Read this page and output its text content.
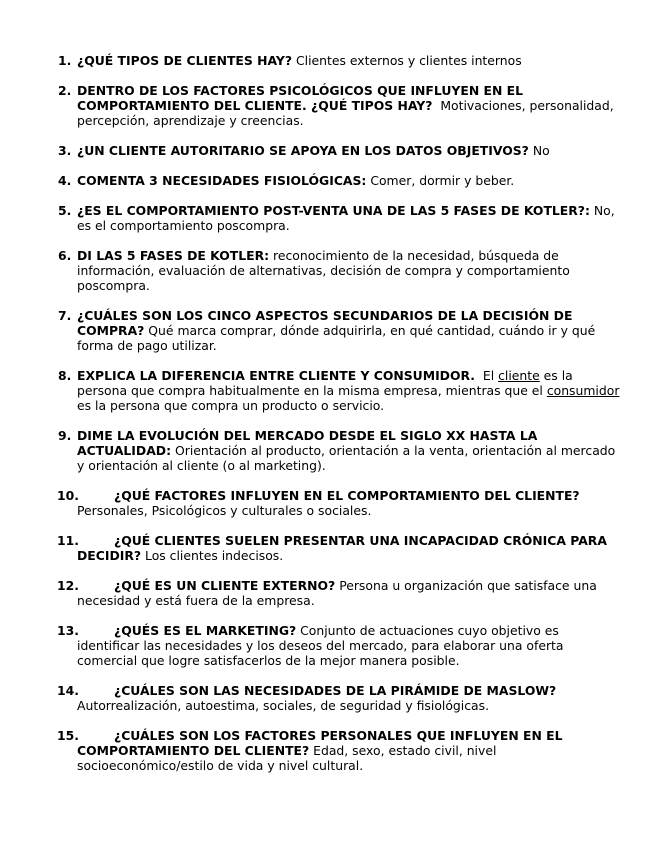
1. ¿QUÉ TIPOS DE CLIENTES HAY? Clientes externos y clientes internos
2. DENTRO DE LOS FACTORES PSICOLÓGICOS QUE INFLUYEN EN EL COMPORTAMIENTO DEL CLIENTE. ¿QUÉ TIPOS HAY?  Motivaciones, personalidad, percepción, aprendizaje y creencias.
3. ¿UN CLIENTE AUTORITARIO SE APOYA EN LOS DATOS OBJETIVOS? No
4. COMENTA 3 NECESIDADES FISIOLÓGICAS: Comer, dormir y beber.
5. ¿ES EL COMPORTAMIENTO POST-VENTA UNA DE LAS 5 FASES DE KOTLER?: No, es el comportamiento poscompra.
6. DI LAS 5 FASES DE KOTLER: reconocimiento de la necesidad, búsqueda de información, evaluación de alternativas, decisión de compra y comportamiento poscompra.
7. ¿CUÁLES SON LOS CINCO ASPECTOS SECUNDARIOS DE LA DECISIÓN DE COMPRA? Qué marca comprar, dónde adquirirla, en qué cantidad, cuándo ir y qué forma de pago utilizar.
8. EXPLICA LA DIFERENCIA ENTRE CLIENTE Y CONSUMIDOR.  El cliente es la persona que compra habitualmente en la misma empresa, mientras que el consumidor es la persona que compra un producto o servicio.
9. DIME LA EVOLUCIÓN DEL MERCADO DESDE EL SIGLO XX HASTA LA ACTUALIDAD: Orientación al producto, orientación a la venta, orientación al mercado y orientación al cliente (o al marketing).
10.	¿QUÉ FACTORES INFLUYEN EN EL COMPORTAMIENTO DEL CLIENTE? Personales, Psicológicos y culturales o sociales.
11.	¿QUÉ CLIENTES SUELEN PRESENTAR UNA INCAPACIDAD CRÓNICA PARA DECIDIR? Los clientes indecisos.
12.	¿QUÉ ES UN CLIENTE EXTERNO? Persona u organización que satisface una necesidad y está fuera de la empresa.
13.	¿QUÉS ES EL MARKETING? Conjunto de actuaciones cuyo objetivo es identificar las necesidades y los deseos del mercado, para elaborar una oferta comercial que logre satisfacerlos de la mejor manera posible.
14.	¿CUÁLES SON LAS NECESIDADES DE LA PIRÁMIDE DE MASLOW? Autorrealización, autoestima, sociales, de seguridad y fisiológicas.
15.	¿CUÁLES SON LOS FACTORES PERSONALES QUE INFLUYEN EN EL COMPORTAMIENTO DEL CLIENTE? Edad, sexo, estado civil, nivel socioeconómico/estilo de vida y nivel cultural.
